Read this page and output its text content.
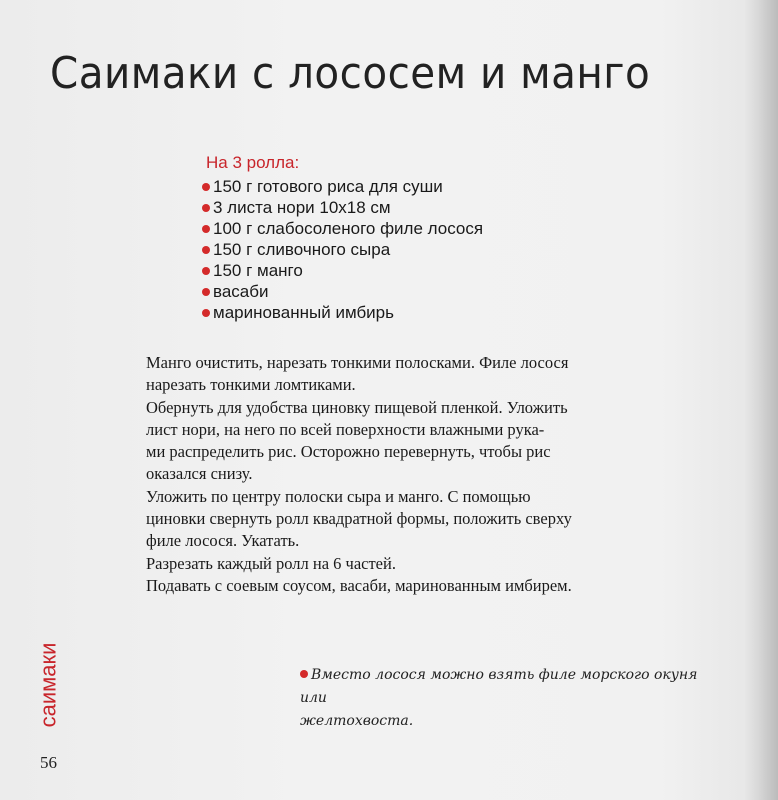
Саимаки с лососем и манго
На 3 ролла:
150 г готового риса для суши
3 листа нори 10х18 см
100 г слабосоленого филе лосося
150 г сливочного сыра
150 г манго
васаби
маринованный имбирь

Манго очистить, нарезать тонкими полосками. Филе лосося

нарезать тонкими ломтиками.

Обернуть для удобства циновку пищевой пленкой. Уложить

лист нори, на него по всей поверхности влажными рука-

ми распределить рис. Осторожно перевернуть, чтобы рис

оказался снизу.

Уложить по центру полоски сыра и манго. С помощью

циновки свернуть ролл квадратной формы, положить сверху

филе лосося. Укатать.

Разрезать каждый ролл на 6 частей.

Подавать с соевым соусом, васаби, маринованным имбирем.

Вместо лосося можно взять филе морского окуня или
желтохвоста.
саимаки
56
